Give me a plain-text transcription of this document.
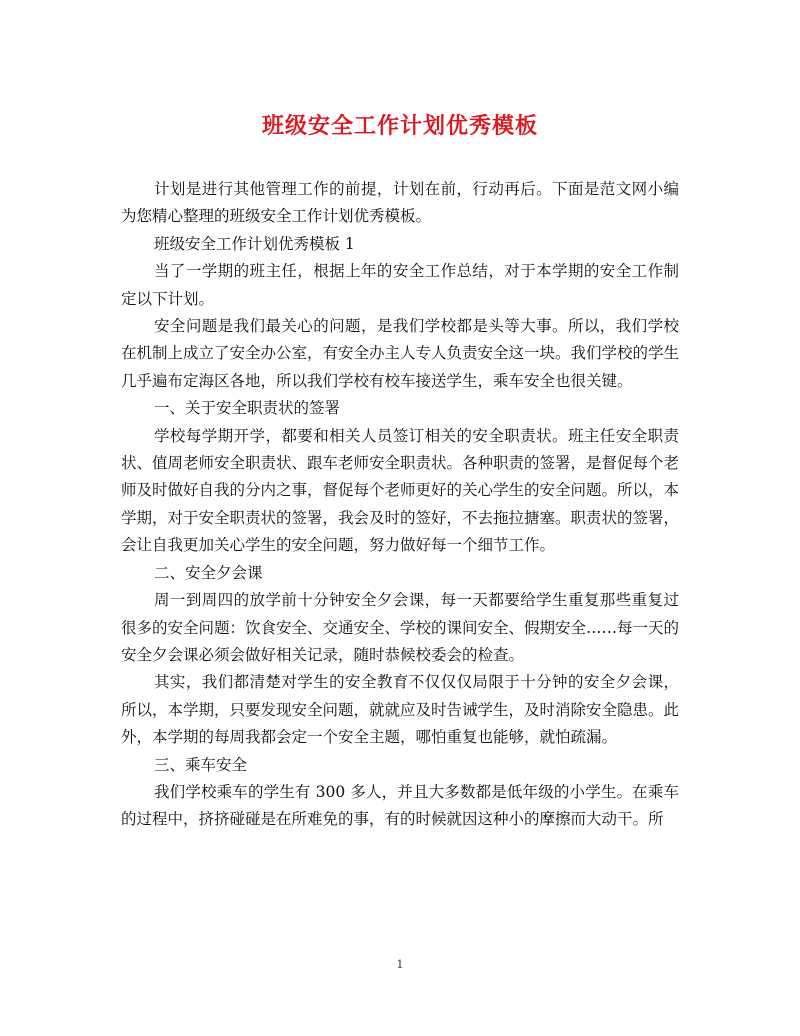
班级安全工作计划优秀模板

计划是进行其他管理工作的前提，计划在前，行动再后。下面是范文网小编为您精心整理的班级安全工作计划优秀模板。

班级安全工作计划优秀模板 1

当了一学期的班主任，根据上年的安全工作总结，对于本学期的安全工作制定以下计划。

安全问题是我们最关心的问题，是我们学校都是头等大事。所以，我们学校在机制上成立了安全办公室，有安全办主人专人负责安全这一块。我们学校的学生几乎遍布定海区各地，所以我们学校有校车接送学生，乘车安全也很关键。

一、关于安全职责状的签署

学校每学期开学，都要和相关人员签订相关的安全职责状。班主任安全职责状、值周老师安全职责状、跟车老师安全职责状。各种职责的签署，是督促每个老师及时做好自我的分内之事，督促每个老师更好的关心学生的安全问题。所以，本学期，对于安全职责状的签署，我会及时的签好，不去拖拉搪塞。职责状的签署，会让自我更加关心学生的安全问题，努力做好每一个细节工作。

二、安全夕会课

周一到周四的放学前十分钟安全夕会课，每一天都要给学生重复那些重复过很多的安全问题：饮食安全、交通安全、学校的课间安全、假期安全……每一天的安全夕会课必须会做好相关记录，随时恭候校委会的检查。

其实，我们都清楚对学生的安全教育不仅仅仅局限于十分钟的安全夕会课，所以，本学期，只要发现安全问题，就就应及时告诫学生，及时消除安全隐患。此外，本学期的每周我都会定一个安全主题，哪怕重复也能够，就怕疏漏。

三、乘车安全

我们学校乘车的学生有 300 多人，并且大多数都是低年级的小学生。在乘车的过程中，挤挤碰碰是在所难免的事，有的时候就因这种小的摩擦而大动干。所

1
